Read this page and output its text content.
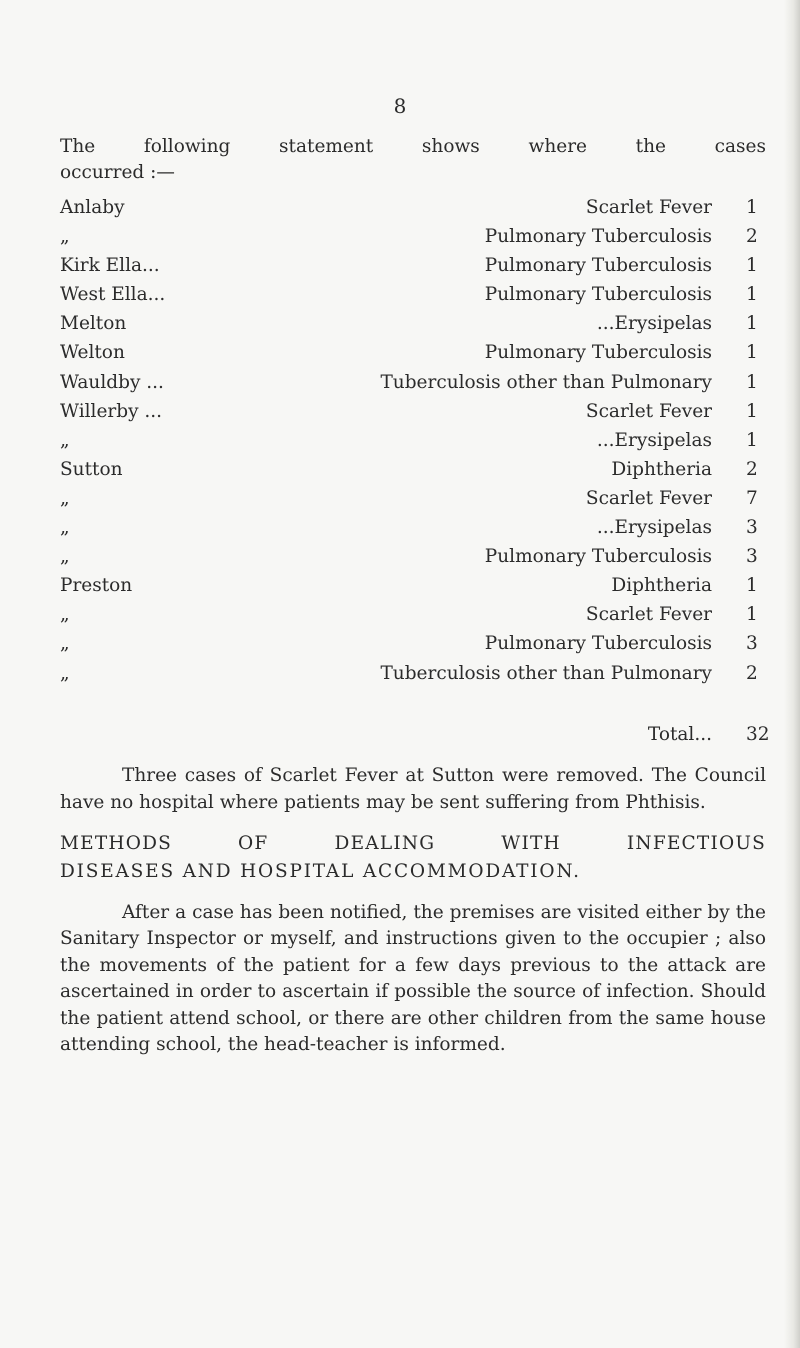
8
The following statement shows where the cases
occurred :—
Anlaby	Scarlet Fever 1
„	Pulmonary Tuberculosis 2
Kirk Ella...	Pulmonary Tuberculosis 1
West Ella...	Pulmonary Tuberculosis 1
Melton	...Erysipelas 1
Welton	Pulmonary Tuberculosis 1
Wauldby ...	Tuberculosis other than Pulmonary 1
Willerby ...	Scarlet Fever 1
„	...Erysipelas 1
Sutton	Diphtheria 2
„	Scarlet Fever 7
„	...Erysipelas 3
„	Pulmonary Tuberculosis 3
Preston	Diphtheria 1
„	Scarlet Fever 1
„	Pulmonary Tuberculosis 3
„	Tuberculosis other than Pulmonary 2
Total... 32
Three cases of Scarlet Fever at Sutton were removed. The Council have no hospital where patients may be sent suffering from Phthisis.
METHODS OF DEALING WITH INFECTIOUS
DISEASES AND HOSPITAL ACCOMMODATION.
After a case has been notified, the premises are visited either by the Sanitary Inspector or myself, and instructions given to the occupier ; also the movements of the patient for a few days previous to the attack are ascertained in order to ascertain if possible the source of infection. Should the patient attend school, or there are other children from the same house attending school, the head-teacher is informed.
